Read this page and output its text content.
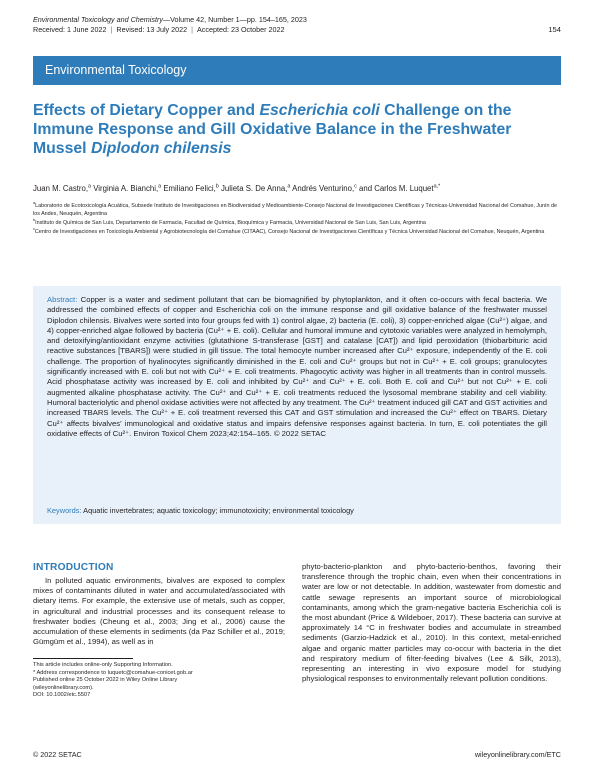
Environmental Toxicology and Chemistry—Volume 42, Number 1—pp. 154–165, 2023
Received: 1 June 2022 | Revised: 13 July 2022 | Accepted: 23 October 2022	154
Environmental Toxicology
Effects of Dietary Copper and Escherichia coli Challenge on the Immune Response and Gill Oxidative Balance in the Freshwater Mussel Diplodon chilensis
Juan M. Castro,$^a$ Virginia A. Bianchi,$^a$ Emiliano Felici,$^b$ Julieta S. De Anna,$^a$ Andrés Venturino,$^c$ and Carlos M. Luquet$^{a,*}$

$^a$Laboratorio de Ecotoxicología Acuática, Subsede Instituto de Investigaciones en Biodiversidad y Medioambiente-Consejo Nacional de Investigaciones Científicas y Técnicas-Universidad Nacional del Comahue, Junín de los Andes, Neuquén, Argentina

$^b$Instituto de Química de San Luis, Departamento de Farmacia, Facultad de Química, Bioquímica y Farmacia, Universidad Nacional de San Luis, San Luis, Argentina

$^c$Centro de Investigaciones en Toxicología Ambiental y Agrobiotecnología del Comahue (CITAAC), Consejo Nacional de Investigaciones Científicas y Técnica Universidad Nacional del Comahue, Neuquén, Argentina

Abstract: Copper is a water and sediment pollutant that can be biomagnified by phytoplankton, and it often co-occurs with fecal bacteria. We addressed the combined effects of copper and Escherichia coli on the immune response and gill oxidative balance of the freshwater mussel Diplodon chilensis. Bivalves were sorted into four groups fed with 1) control algae, 2) bacteria (E. coli), 3) copper-enriched algae (Cu²⁺) algae, and 4) copper-enriched algae followed by bacteria (Cu²⁺ + E. coli). Cellular and humoral immune and cytotoxic variables were analyzed in hemolymph, and detoxifying/antioxidant enzyme activities (glutathione S-transferase [GST] and catalase [CAT]) and lipid peroxidation (thiobarbituric acid reactive substances [TBARS]) were studied in gill tissue. The total hemocyte number increased after Cu²⁺ exposure, independently of the E. coli challenge. The proportion of hyalinocytes significantly diminished in the E. coli and Cu²⁺ groups but not in Cu²⁺ + E. coli groups; granulocytes significantly increased with E. coli but not with Cu²⁺ + E. coli treatments. Phagocytic activity was higher in all treatments than in control mussels. Acid phosphatase activity was increased by E. coli and inhibited by Cu²⁺ and Cu²⁺ + E. coli. Both E. coli and Cu²⁺ but not Cu²⁺ + E. coli augmented alkaline phosphatase activity. The Cu²⁺ and Cu²⁺ + E. coli treatments reduced the lysosomal membrane stability and cell viability. Humoral bacteriolytic and phenol oxidase activities were not affected by any treatment. The Cu²⁺ treatment induced gill CAT and GST activities and increased TBARS levels. The Cu²⁺ + E. coli treatment reversed this CAT and GST stimulation and increased the Cu²⁺ effect on TBARS. Dietary Cu²⁺ affects bivalves' immunological and oxidative status and impairs defensive responses against bacteria. In turn, E. coli potentiates the gill oxidative effects of Cu²⁺. Environ Toxicol Chem 2023;42:154–165. © 2022 SETAC

Keywords: Aquatic invertebrates; aquatic toxicology; immunotoxicity; environmental toxicology

INTRODUCTION

In polluted aquatic environments, bivalves are exposed to complex mixes of contaminants diluted in water and accumulated/associated with dietary items. For example, the extensive use of metals, such as copper, in agricultural and industrial processes and its consequent release to freshwater bodies (Cheung et al., 2003; Jing et al., 2006) cause the accumulation of these elements in sediments (da Paz Schiller et al., 2019; Gümgüm et al., 1994), as well as in

phyto-bacterio-plankton and phyto-bacterio-benthos, favoring their transference through the trophic chain, even when their concentrations in water are low or not detectable. In addition, wastewater from domestic and cattle sewage represents an important source of microbiological contaminants, among which the gram-negative bacteria Escherichia coli is the most abundant (Price & Wildeboer, 2017). These bacteria can survive at approximately 14 °C in freshwater bodies and accumulate in streambed sediments (Garzio-Hadzick et al., 2010). In this context, metal-enriched algae and organic matter particles may co-occur with bacteria in the diet and respiratory medium of filter-feeding bivalves (Lee & Silk, 2013), representing an interesting in vivo exposure model for studying physiological responses to environmentally relevant pollution conditions.

This article includes online-only Supporting Information.
* Address correspondence to luquetc@comahue-conicet.gob.ar
Published online 25 October 2022 in Wiley Online Library
(wileyonlinelibrary.com).
DOI: 10.1002/etc.5507
© 2022 SETAC	wileyonlinelibrary.com/ETC
